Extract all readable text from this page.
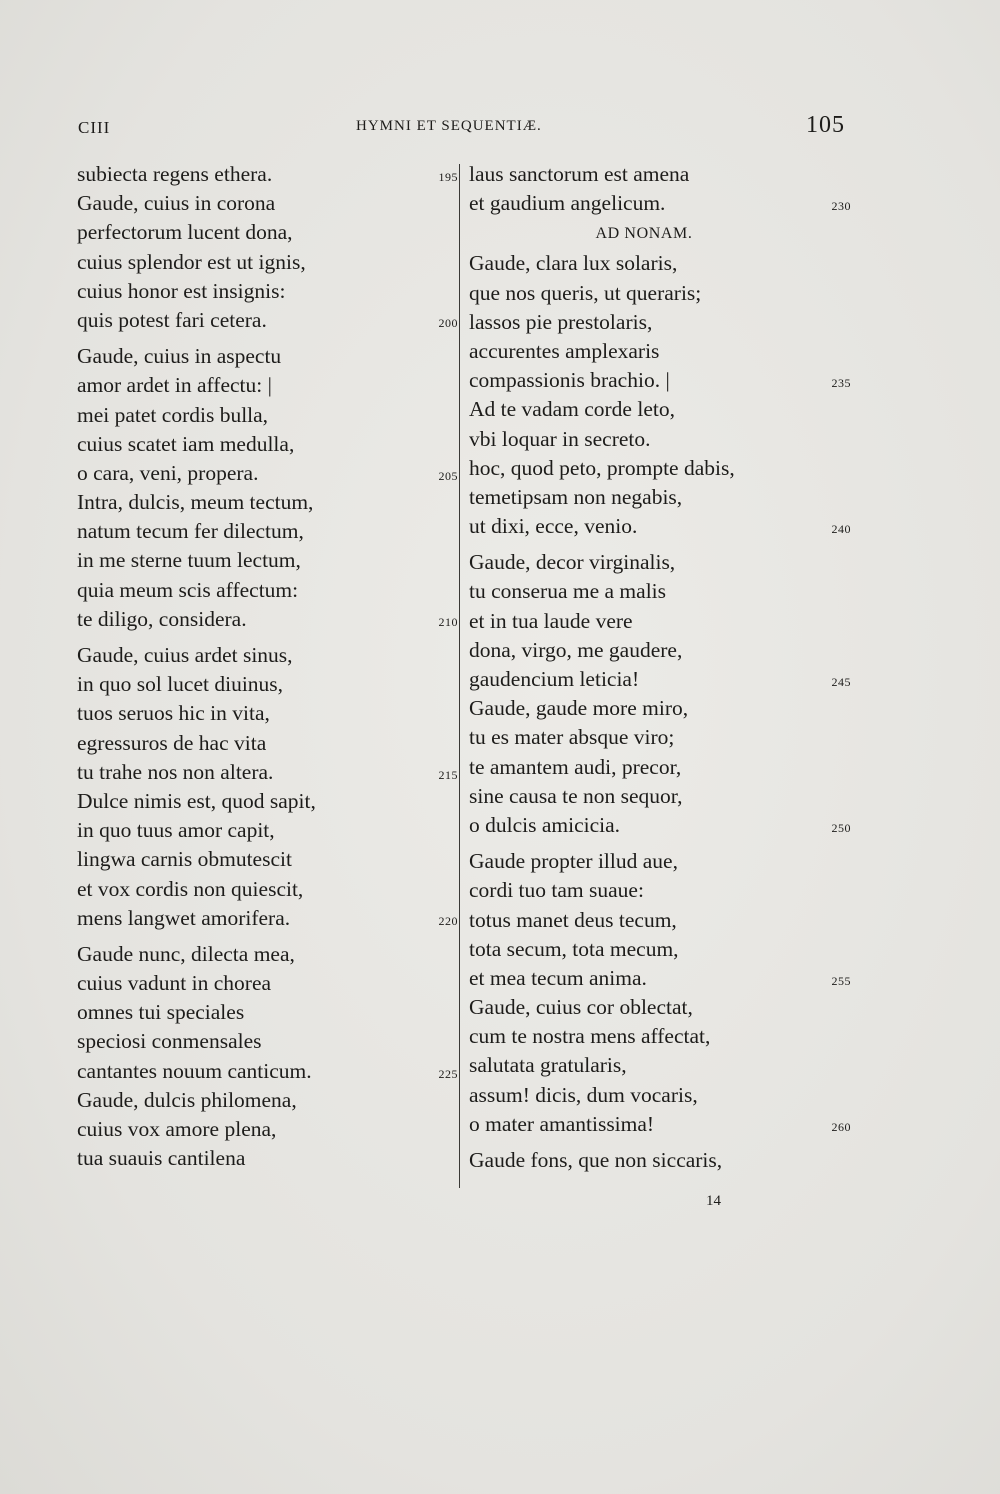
CIII	HYMNI ET SEQUENTIÆ.	105
subiecta regens ethera.	195
Gaude, cuius in corona
perfectorum lucent dona,
cuius splendor est ut ignis,
cuius honor est insignis:
quis potest fari cetera.	200
Gaude, cuius in aspectu
amor ardet in affectu: |
mei patet cordis bulla,
cuius scatet iam medulla,
o cara, veni, propera.	205
Intra, dulcis, meum tectum,
natum tecum fer dilectum,
in me sterne tuum lectum,
quia meum scis affectum:
te diligo, considera.	210
Gaude, cuius ardet sinus,
in quo sol lucet diuinus,
tuos seruos hic in vita,
egressuros de hac vita
tu trahe nos non altera.	215
Dulce nimis est, quod sapit,
in quo tuus amor capit,
lingwa carnis obmutescit
et vox cordis non quiescit,
mens langwet amorifera.	220
Gaude nunc, dilecta mea,
cuius vadunt in chorea
omnes tui speciales
speciosi conmensales
cantantes nouum canticum.	225
Gaude, dulcis philomena,
cuius vox amore plena,
tua suauis cantilena
laus sanctorum est amena
et gaudium angelicum.	230
AD NONAM.
Gaude, clara lux solaris,
que nos queris, ut queraris;
lassos pie prestolaris,
accurentes amplexaris
compassionis brachio. |	235
Ad te vadam corde leto,
vbi loquar in secreto.
hoc, quod peto, prompte dabis,
temetipsam non negabis,
ut dixi, ecce, venio.	240
Gaude, decor virginalis,
tu conserua me a malis
et in tua laude vere
dona, virgo, me gaudere,
gaudencium leticia!	245
Gaude, gaude more miro,
tu es mater absque viro;
te amantem audi, precor,
sine causa te non sequor,
o dulcis amicicia.	250
Gaude propter illud aue,
cordi tuo tam suaue:
totus manet deus tecum,
tota secum, tota mecum,
et mea tecum anima.	255
Gaude, cuius cor oblectat,
cum te nostra mens affectat,
salutata gratularis,
assum! dicis, dum vocaris,
o mater amantissima!	260
Gaude fons, que non siccaris,
14
